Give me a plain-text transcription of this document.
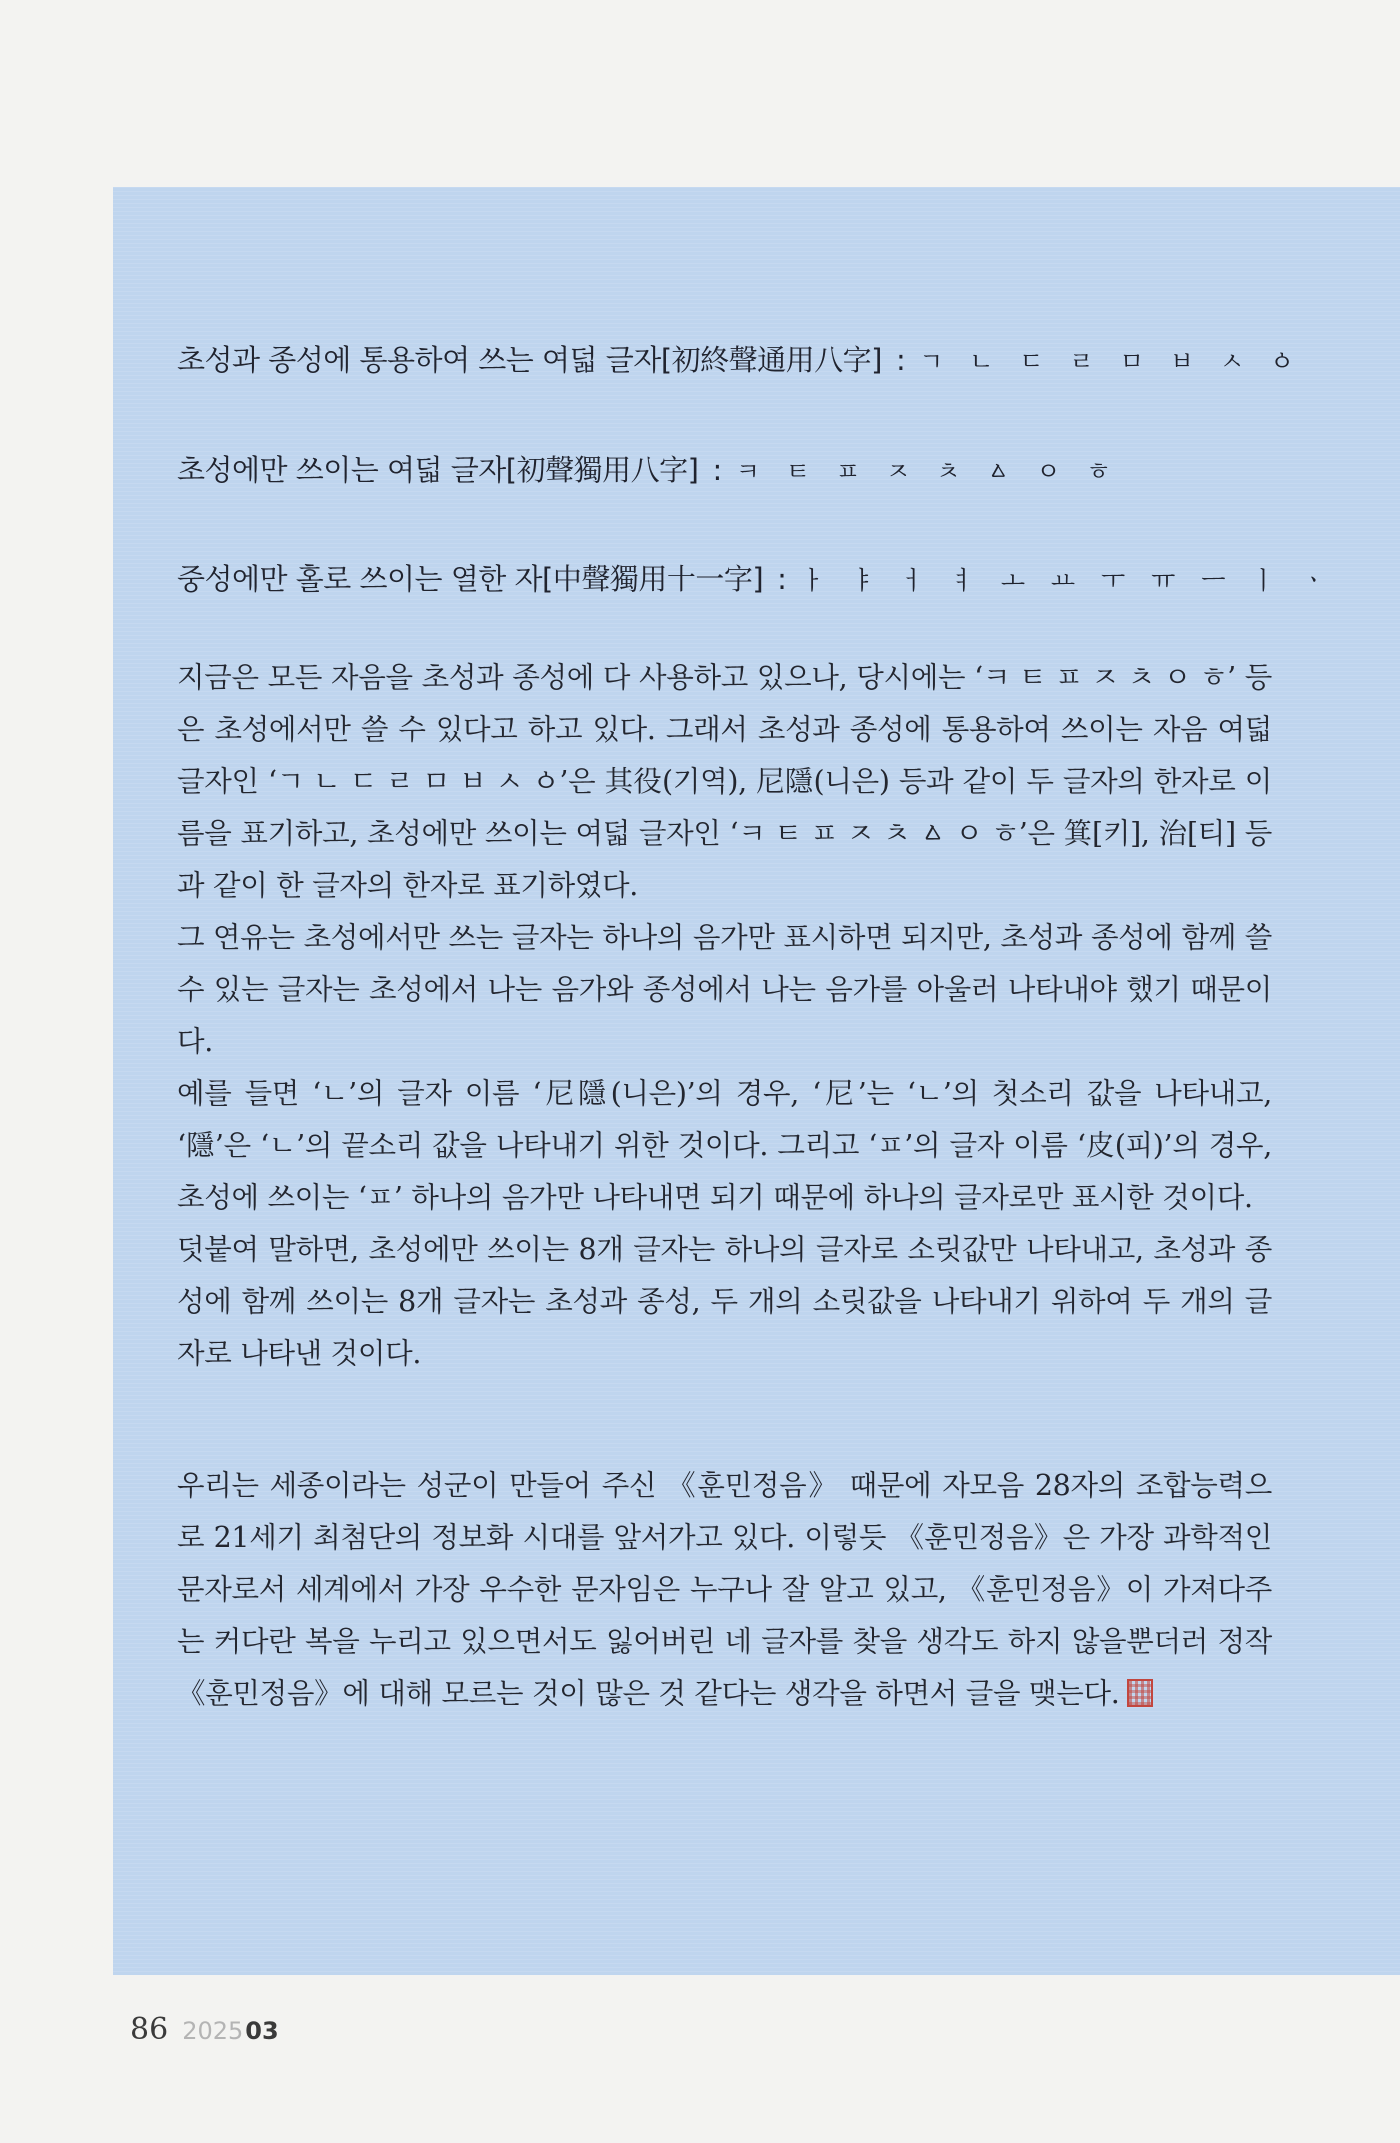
초성과 종성에 통용하여 쓰는 여덟 글자[初終聲通用八字] : ㄱ ㄴ ㄷ ㄹ ㅁ ㅂ ㅅ ㆁ
초성에만 쓰이는 여덟 글자[初聲獨用八字] : ㅋ ㅌ ㅍ ㅈ ㅊ ㅿ ㅇ ㅎ
중성에만 홀로 쓰이는 열한 자[中聲獨用十一字] : ㅏ ㅑ ㅓ ㅕ ㅗ ㅛ ㅜ ㅠ ㅡ ㅣ ㆍ

지금은 모든 자음을 초성과 종성에 다 사용하고 있으나, 당시에는 ‘ㅋ ㅌ ㅍ ㅈ ㅊ ㅇ ㅎ’ 등은 초성에서만 쓸 수 있다고 하고 있다. 그래서 초성과 종성에 통용하여 쓰이는 자음 여덟 글자인 ‘ㄱ ㄴ ㄷ ㄹ ㅁ ㅂ ㅅ ㆁ’은 其役(기역), 尼隱(니은) 등과 같이 두 글자의 한자로 이름을 표기하고, 초성에만 쓰이는 여덟 글자인 ‘ㅋ ㅌ ㅍ ㅈ ㅊ ㅿ ㅇ ㅎ’은 箕[키], 治[티] 등과 같이 한 글자의 한자로 표기하였다.

그 연유는 초성에서만 쓰는 글자는 하나의 음가만 표시하면 되지만, 초성과 종성에 함께 쓸 수 있는 글자는 초성에서 나는 음가와 종성에서 나는 음가를 아울러 나타내야 했기 때문이다.

예를 들면 ‘ㄴ’의 글자 이름 ‘尼隱(니은)’의 경우, ‘尼’는 ‘ㄴ’의 첫소리 값을 나타내고, ‘隱’은 ‘ㄴ’의 끝소리 값을 나타내기 위한 것이다. 그리고 ‘ㅍ’의 글자 이름 ‘皮(피)’의 경우, 초성에 쓰이는 ‘ㅍ’ 하나의 음가만 나타내면 되기 때문에 하나의 글자로만 표시한 것이다.

덧붙여 말하면, 초성에만 쓰이는 8개 글자는 하나의 글자로 소릿값만 나타내고, 초성과 종성에 함께 쓰이는 8개 글자는 초성과 종성, 두 개의 소릿값을 나타내기 위하여 두 개의 글자로 나타낸 것이다.

우리는 세종이라는 성군이 만들어 주신 《훈민정음》 때문에 자모음 28자의 조합능력으로 21세기 최첨단의 정보화 시대를 앞서가고 있다. 이렇듯 《훈민정음》은 가장 과학적인 문자로서 세계에서 가장 우수한 문자임은 누구나 잘 알고 있고, 《훈민정음》이 가져다주는 커다란 복을 누리고 있으면서도 잃어버린 네 글자를 찾을 생각도 하지 않을뿐더러 정작 《훈민정음》에 대해 모르는 것이 많은 것 같다는 생각을 하면서 글을 맺는다.

86 202503
